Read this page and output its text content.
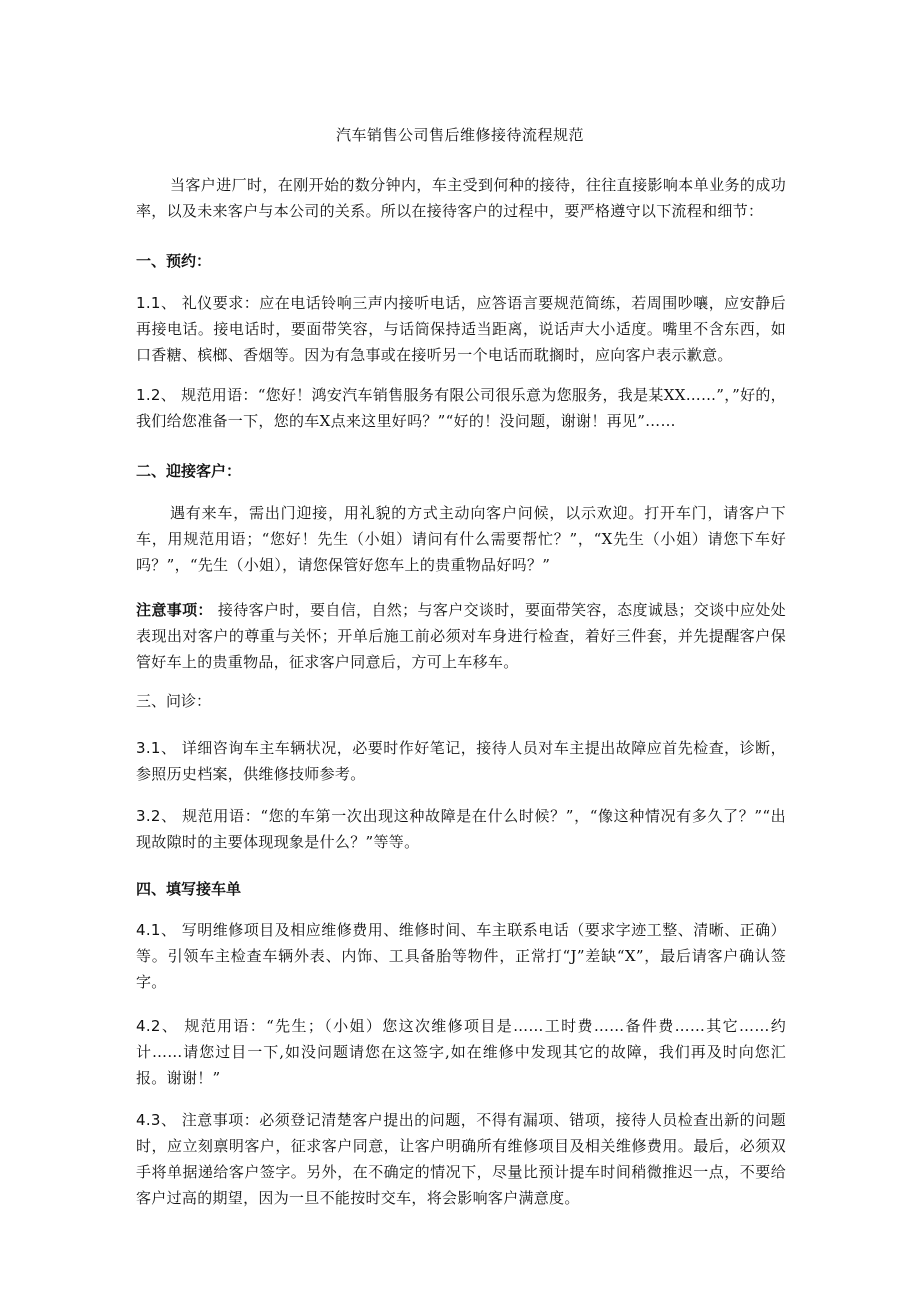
汽车销售公司售后维修接待流程规范
当客户进厂时，在刚开始的数分钟内，车主受到何种的接待，往往直接影响本单业务的成功率，以及未来客户与本公司的关系。所以在接待客户的过程中，要严格遵守以下流程和细节：
一、预约：
1.1、 礼仪要求：应在电话铃响三声内接听电话，应答语言要规范简练，若周围吵嚷，应安静后再接电话。接电话时，要面带笑容，与话筒保持适当距离，说话声大小适度。嘴里不含东西，如口香糖、槟榔、香烟等。因为有急事或在接听另一个电话而耽搁时，应向客户表示歉意。
1.2、 规范用语：“您好！鸿安汽车销售服务有限公司很乐意为您服务，我是某XX……”，”好的，我们给您准备一下，您的车X点来这里好吗？”“好的！没问题，谢谢！再见”……
二、迎接客户：
遇有来车，需出门迎接，用礼貌的方式主动向客户问候，以示欢迎。打开车门，请客户下车，用规范用语；“您好！先生（小姐）请问有什么需要帮忙？”，“X先生（小姐）请您下车好吗？”，“先生（小姐），请您保管好您车上的贵重物品好吗？”
注意事项： 接待客户时，要自信，自然；与客户交谈时，要面带笑容，态度诚恳；交谈中应处处表现出对客户的尊重与关怀；开单后施工前必须对车身进行检查，着好三件套，并先提醒客户保管好车上的贵重物品，征求客户同意后，方可上车移车。
三、问诊：
3.1、 详细咨询车主车辆状况，必要时作好笔记，接待人员对车主提出故障应首先检查，诊断，参照历史档案，供维修技师参考。
3.2、 规范用语：“您的车第一次出现这种故障是在什么时候？”，“像这种情况有多久了？”“出现故隙时的主要体现现象是什么？”等等。
四、填写接车单
4.1、 写明维修项目及相应维修费用、维修时间、车主联系电话（要求字迹工整、清晰、正确）等。引领车主检查车辆外表、内饰、工具备胎等物件，正常打“J”差缺“X”，最后请客户确认签字。
4.2、 规范用语：“先生；（小姐）您这次维修项目是……工时费……备件费……其它……约计……请您过目一下,如没问题请您在这签字,如在维修中发现其它的故障，我们再及时向您汇报。谢谢！”
4.3、 注意事项：必须登记清楚客户提出的问题，不得有漏项、错项，接待人员检查出新的问题时，应立刻禀明客户，征求客户同意，让客户明确所有维修项目及相关维修费用。最后，必须双手将单据递给客户签字。另外，在不确定的情况下，尽量比预计提车时间稍微推迟一点，不要给客户过高的期望，因为一旦不能按时交车，将会影响客户满意度。
